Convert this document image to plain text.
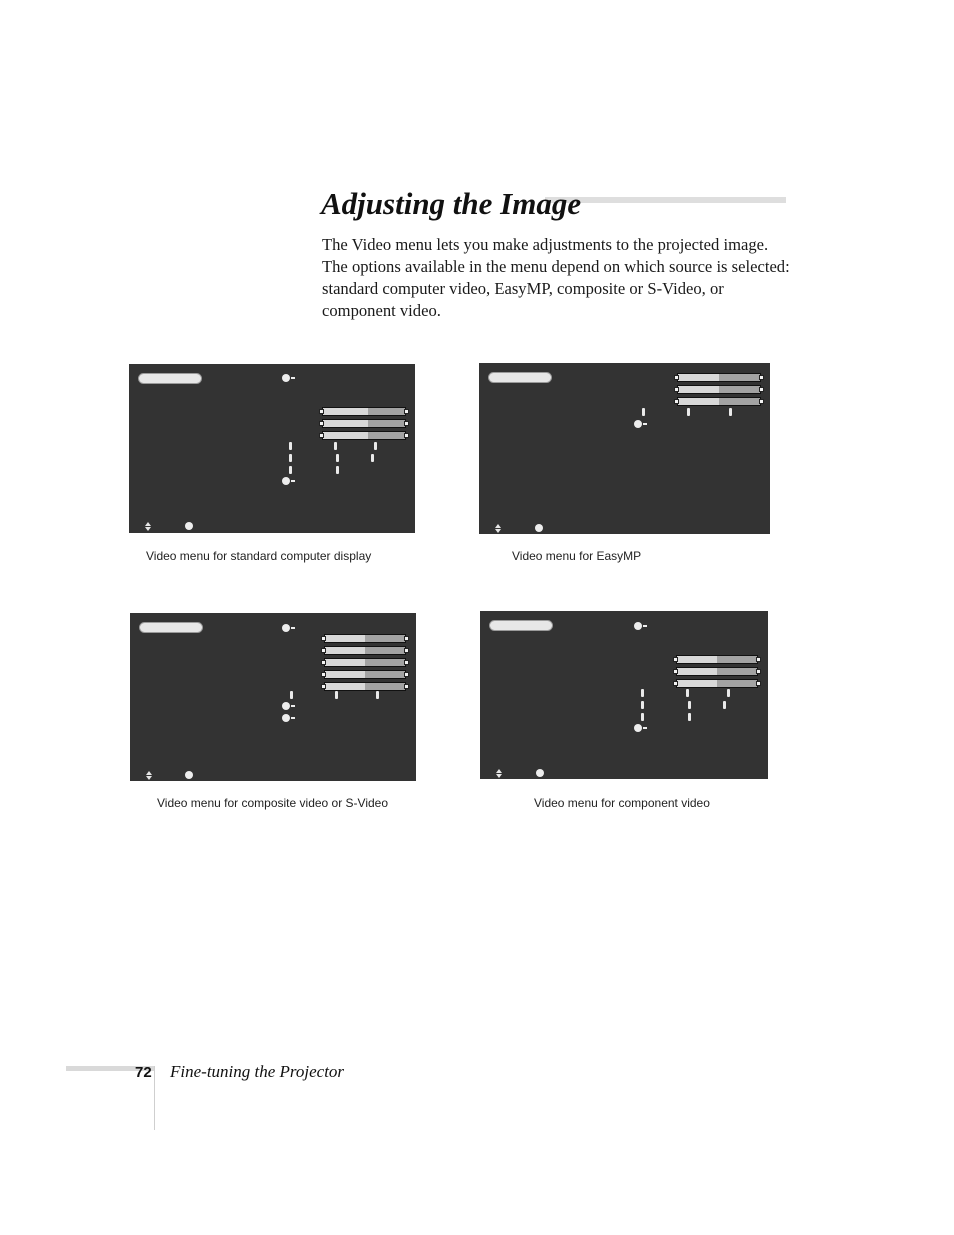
Adjusting the Image

The Video menu lets you make adjustments to the projected image. The options available in the menu depend on which source is selected: standard computer video, EasyMP, composite or S-Video, or component video.

Video menu for standard computer display	Video menu for EasyMP
Video menu for composite video or S-Video	Video menu for component video
72 Fine-tuning the Projector
